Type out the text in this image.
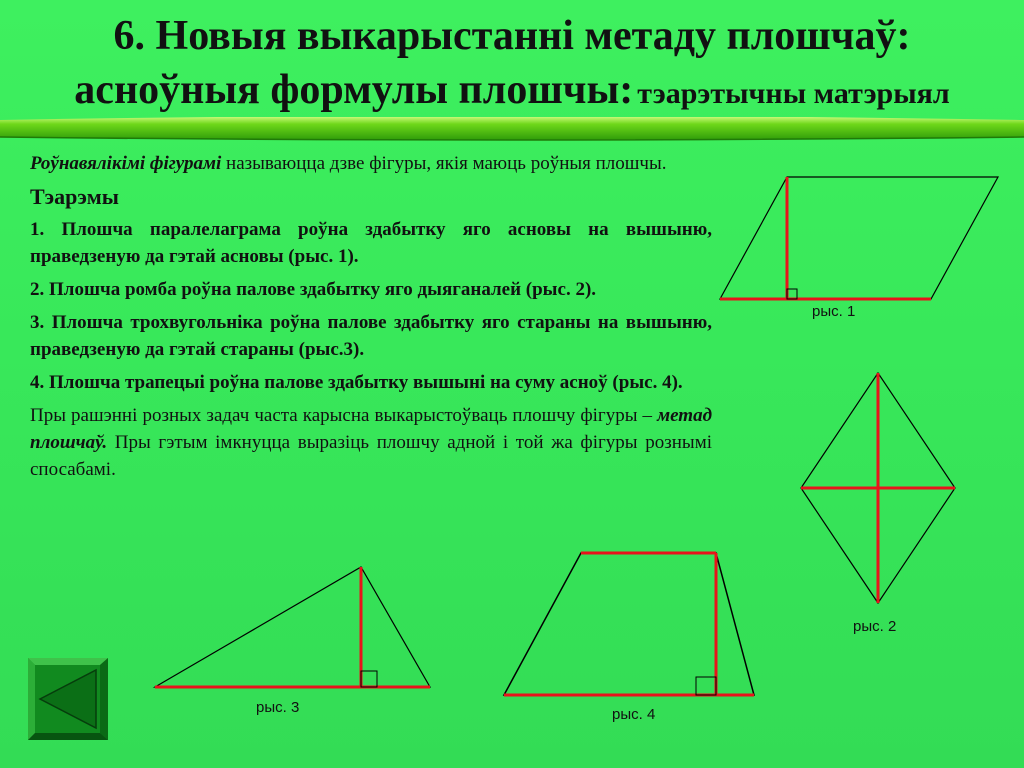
6. Новыя выкарыстанні метаду плошчаў:
асноўныя формулы плошчы: тэарэтычны матэрыял

Роўнавялікімі фігурамі называюцца дзве фігуры, якія маюць роўныя плошчы.

Тэарэмы

1. Плошча паралелаграма роўна здабытку яго асновы на вышыню, праведзеную да гэтай асновы (рыс. 1).

2. Плошча ромба роўна палове здабытку яго дыяганалей (рыс. 2).

3. Плошча трохвугольніка роўна палове здабытку яго стараны на вышыню, праведзеную да гэтай стараны (рыс.3).

4. Плошча трапецыі роўна палове здабытку вышыні на суму асноў (рыс. 4).

Пры рашэнні розных задач часта карысна выкарыстоўваць плошчу фігуры – метад плошчаў. Пры гэтым імкнуцца выразіць плошчу адной і той жа фігуры рознымі спосабамі.

рыс. 1
рыс. 2
рыс. 3	рыс. 4
